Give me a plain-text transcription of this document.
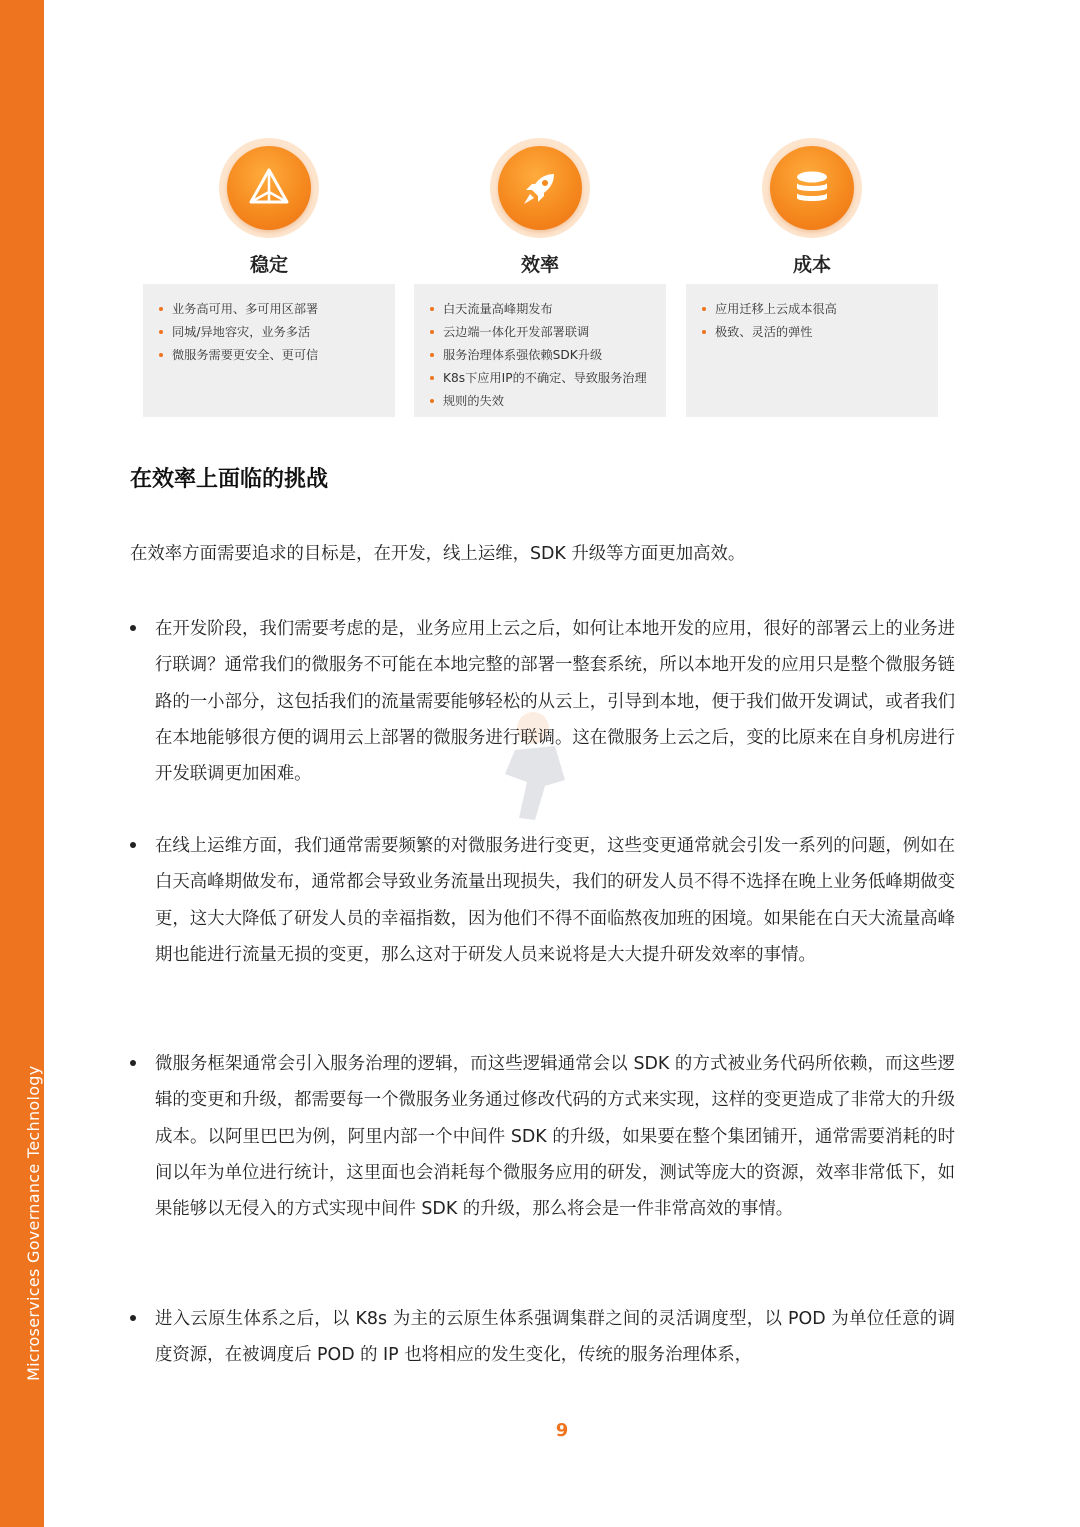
Microservices Governance Technology
稳定
业务高可用、多可用区部署
同城/异地容灾，业务多活
微服务需要更安全、更可信
效率
白天流量高峰期发布
云边端一体化开发部署联调
服务治理体系强依赖SDK升级
K8s下应用IP的不确定、导致服务治理
规则的失效
成本
应用迁移上云成本很高
极致、灵活的弹性
在效率上面临的挑战

在效率方面需要追求的目标是，在开发，线上运维，SDK 升级等方面更加高效。

在开发阶段，我们需要考虑的是，业务应用上云之后，如何让本地开发的应用，很好的部署云上的业务进行联调？通常我们的微服务不可能在本地完整的部署一整套系统，所以本地开发的应用只是整个微服务链路的一小部分，这包括我们的流量需要能够轻松的从云上，引导到本地，便于我们做开发调试，或者我们在本地能够很方便的调用云上部署的微服务进行联调。这在微服务上云之后，变的比原来在自身机房进行开发联调更加困难。
在线上运维方面，我们通常需要频繁的对微服务进行变更，这些变更通常就会引发一系列的问题，例如在白天高峰期做发布，通常都会导致业务流量出现损失，我们的研发人员不得不选择在晚上业务低峰期做变更，这大大降低了研发人员的幸福指数，因为他们不得不面临熬夜加班的困境。如果能在白天大流量高峰期也能进行流量无损的变更，那么这对于研发人员来说将是大大提升研发效率的事情。
微服务框架通常会引入服务治理的逻辑，而这些逻辑通常会以 SDK 的方式被业务代码所依赖，而这些逻辑的变更和升级，都需要每一个微服务业务通过修改代码的方式来实现，这样的变更造成了非常大的升级成本。以阿里巴巴为例，阿里内部一个中间件 SDK 的升级，如果要在整个集团铺开，通常需要消耗的时间以年为单位进行统计，这里面也会消耗每个微服务应用的研发，测试等庞大的资源，效率非常低下，如果能够以无侵入的方式实现中间件 SDK 的升级，那么将会是一件非常高效的事情。
进入云原生体系之后，以 K8s 为主的云原生体系强调集群之间的灵活调度型，以 POD 为单位任意的调度资源，在被调度后 POD 的 IP 也将相应的发生变化，传统的服务治理体系，
9
